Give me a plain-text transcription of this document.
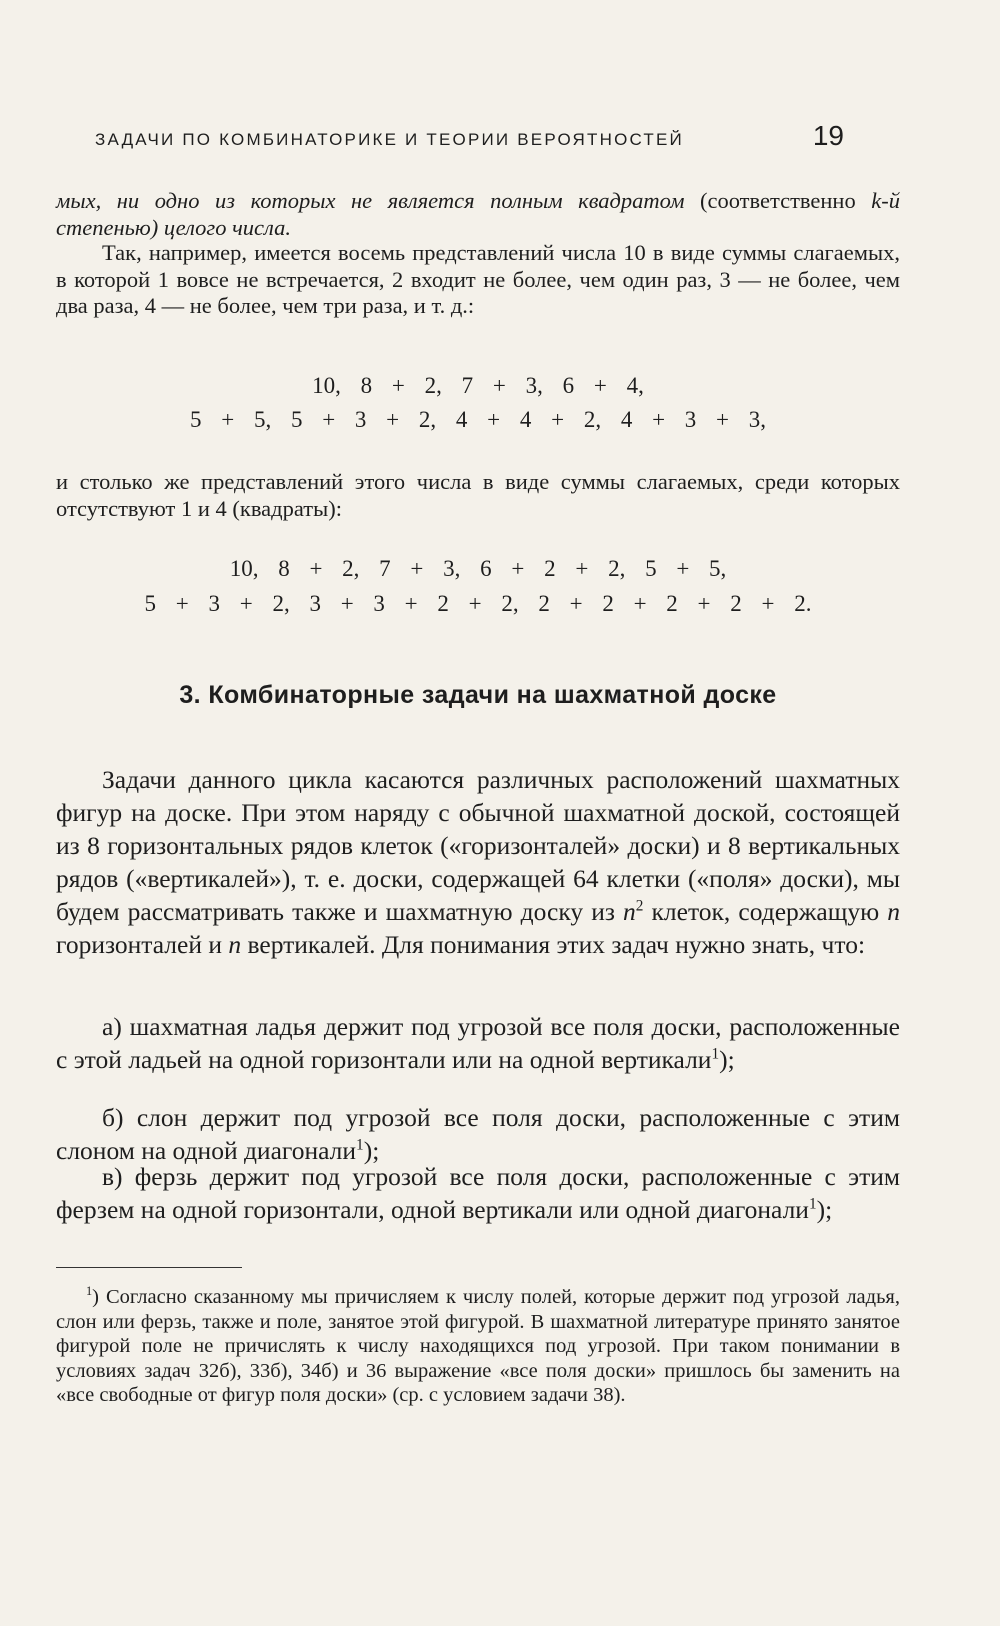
ЗАДАЧИ ПО КОМБИНАТОРИКЕ И ТЕОРИИ ВЕРОЯТНОСТЕЙ	19
мых, ни одно из которых не является полным квадратом (соответственно k-й степенью) целого числа.
Так, например, имеется восемь представлений числа 10 в виде суммы слагаемых, в которой 1 вовсе не встречается, 2 входит не более, чем один раз, 3 — не более, чем два раза, 4 — не более, чем три раза, и т. д.:
10, 8 + 2, 7 + 3, 6 + 4,
5 + 5, 5 + 3 + 2, 4 + 4 + 2, 4 + 3 + 3,
и столько же представлений этого числа в виде суммы слагаемых, среди которых отсутствуют 1 и 4 (квадраты):
10, 8 + 2, 7 + 3, 6 + 2 + 2, 5 + 5,
5 + 3 + 2, 3 + 3 + 2 + 2, 2 + 2 + 2 + 2 + 2.
3. Комбинаторные задачи на шахматной доске
Задачи данного цикла касаются различных расположений шахматных фигур на доске. При этом наряду с обычной шахматной доской, состоящей из 8 горизонтальных рядов клеток («горизонталей» доски) и 8 вертикальных рядов («вертикалей»), т. е. доски, содержащей 64 клетки («поля» доски), мы будем рассматривать также и шахматную доску из $n^2$ клеток, содержащую n горизонталей и n вертикалей. Для понимания этих задач нужно знать, что:
а) шахматная ладья держит под угрозой все поля доски, расположенные с этой ладьей на одной горизонтали или на одной вертикали$^1$);
б) слон держит под угрозой все поля доски, расположенные с этим слоном на одной диагонали$^1$);
в) ферзь держит под угрозой все поля доски, расположенные с этим ферзем на одной горизонтали, одной вертикали или одной диагонали$^1$);
$^1$) Согласно сказанному мы причисляем к числу полей, которые держит под угрозой ладья, слон или ферзь, также и поле, занятое этой фигурой. В шахматной литературе принято занятое фигурой поле не причислять к числу находящихся под угрозой. При таком понимании в условиях задач 32б), 33б), 34б) и 36 выражение «все поля доски» пришлось бы заменить на «все свободные от фигур поля доски» (ср. с условием задачи 38).
